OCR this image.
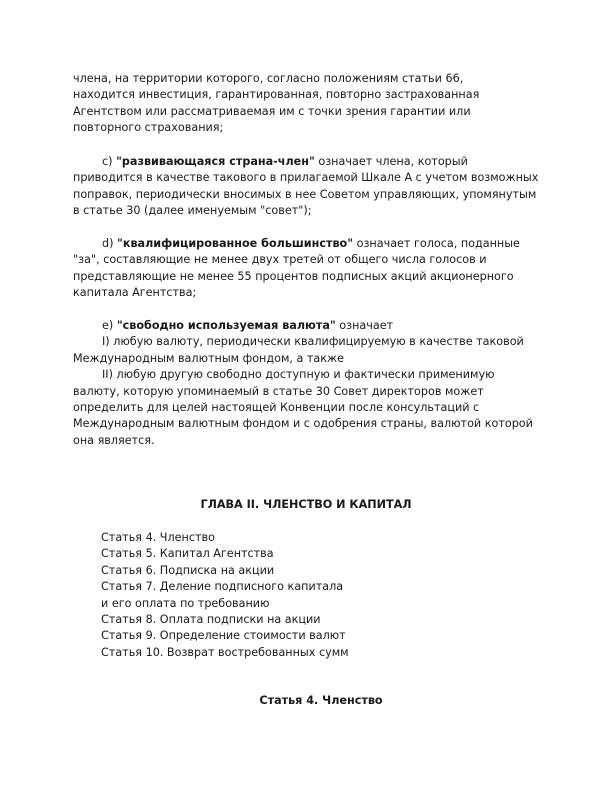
члена, на территории которого, согласно положениям статьи 66,
находится инвестиция, гарантированная, повторно застрахованная
Агентством или рассматриваемая им с точки зрения гарантии или
повторного страхования;

c) "развивающаяся страна-член" означает члена, который
приводится в качестве такового в прилагаемой Шкале А с учетом возможных
поправок, периодически вносимых в нее Советом управляющих, упомянутым
в статье 30 (далее именуемым "совет");

d) "квалифицированное большинство" означает голоса, поданные
"за", составляющие не менее двух третей от общего числа голосов и
представляющие не менее 55 процентов подписных акций акционерного
капитала Агентства;

e) "свободно используемая валюта" означает
I) любую валюту, периодически квалифицируемую в качестве таковой
Международным валютным фондом, а также
II) любую другую свободно доступную и фактически применимую
валюту, которую упоминаемый в статье 30 Совет директоров может
определить для целей настоящей Конвенции после консультаций с
Международным валютным фондом и с одобрения страны, валютой которой
она является.

ГЛАВА II. ЧЛЕНСТВО И КАПИТАЛ
Статья 4. Членство
Статья 5. Капитал Агентства
Статья 6. Подписка на акции
Статья 7. Деление подписного капитала
и его оплата по требованию
Статья 8. Оплата подписки на акции
Статья 9. Определение стоимости валют
Статья 10. Возврат востребованных сумм
Статья 4. Членство
